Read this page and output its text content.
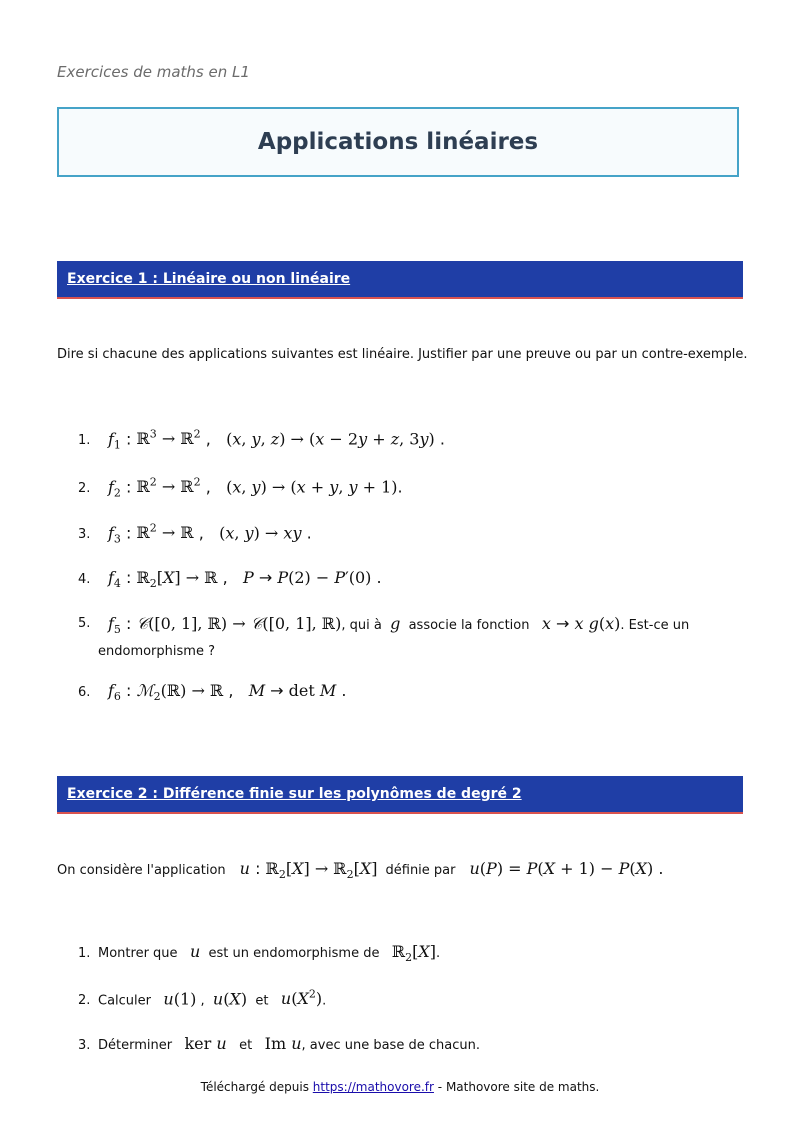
Exercices de maths en L1
Applications linéaires
Exercice 1 : Linéaire ou non linéaire
Dire si chacune des applications suivantes est linéaire. Justifier par une preuve ou par un contre-exemple.
1.	$f_1$ : ℝ$^3$ → ℝ$^2$ ,   (x, y, z) → (x − 2y + z, 3y) .
2.	$f_2$ : ℝ$^2$ → ℝ$^2$ ,   (x, y) → (x + y, y + 1).
3.	$f_3$ : ℝ$^2$ → ℝ ,   (x, y) → xy .
4.	$f_4$ : ℝ$_2$[X] → ℝ ,   P → P(2) − P′(0) .
5.	$f_5$ : 𝒞([0, 1], ℝ) → 𝒞([0, 1], ℝ), qui à g associe la fonction x → x g(x). Est-ce un
endomorphisme ?
6.	$f_6$ : ℳ$_2$(ℝ) → ℝ ,   M → det M .
Exercice 2 : Différence finie sur les polynômes de degré 2
On considère l'application u : ℝ$_2$[X] → ℝ$_2$[X] définie par u(P) = P(X + 1) − P(X) .
1. Montrer que u est un endomorphisme de ℝ$_2$[X].
2. Calculer u(1) ,  u(X) et $u(X^2)$.
3. Déterminer ker u et Im u, avec une base de chacun.
Téléchargé depuis https://mathovore.fr - Mathovore site de maths.
